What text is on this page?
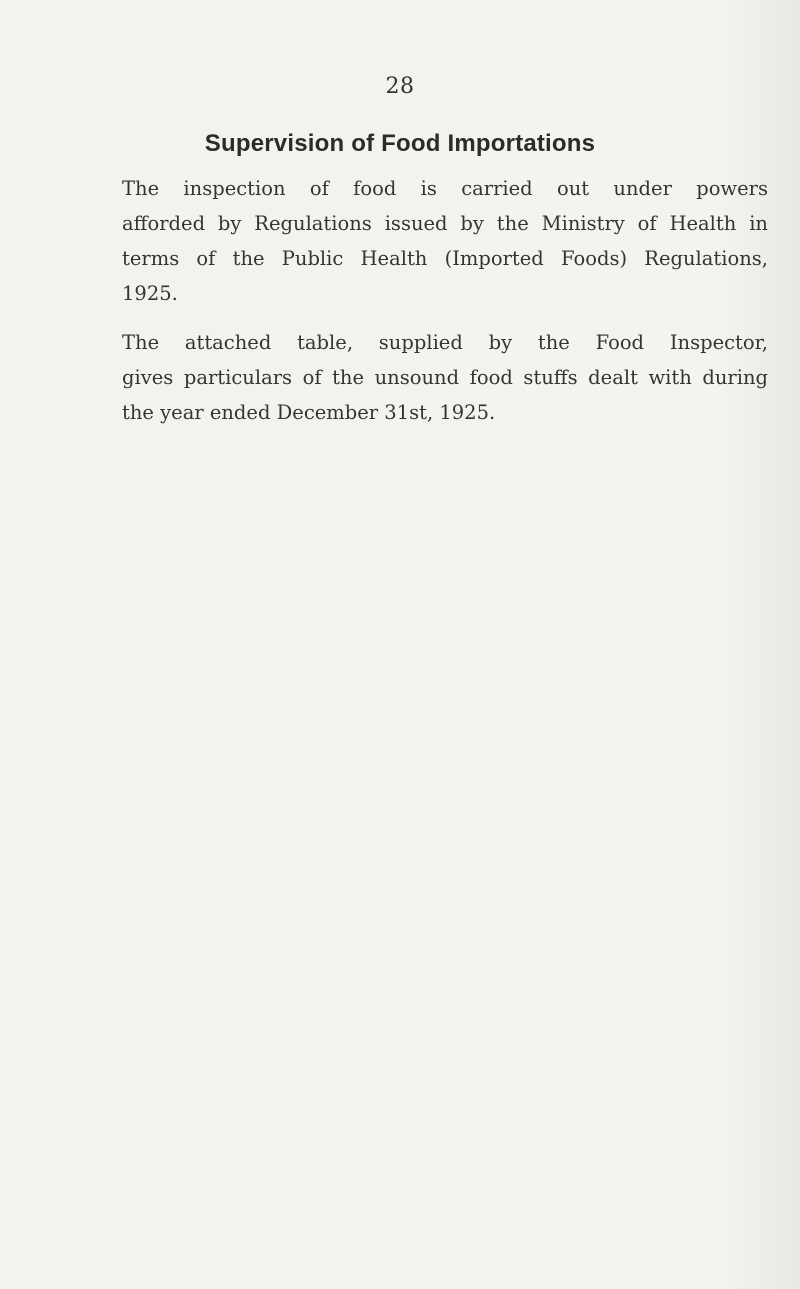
28
Supervision of Food Importations
The inspection of food is carried out under powers
afforded by Regulations issued by the Ministry of Health in
terms of the Public Health (Imported Foods) Regulations,
1925.
The attached table, supplied by the Food Inspector,
gives particulars of the unsound food stuffs dealt with during
the year ended December 31st, 1925.
